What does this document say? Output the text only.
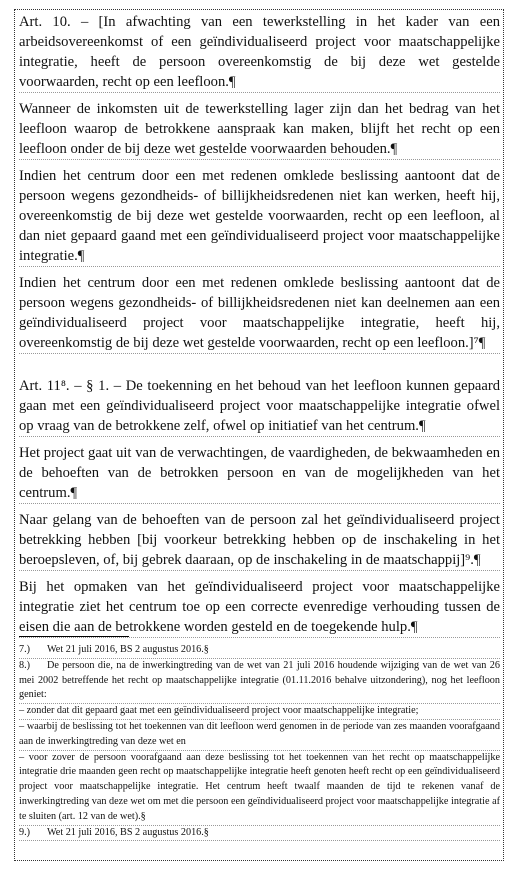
Art. 10. – [In afwachting van een tewerkstelling in het kader van een arbeidsovereenkomst of een geïndividualiseerd project voor maatschappelijke integratie, heeft de persoon overeenkomstig de bij deze wet gestelde voorwaarden, recht op een leefloon.¶

Wanneer de inkomsten uit de tewerkstelling lager zijn dan het bedrag van het leefloon waarop de betrokkene aanspraak kan maken, blijft het recht op een leefloon onder de bij deze wet gestelde voorwaarden behouden.¶

Indien het centrum door een met redenen omklede beslissing aantoont dat de persoon wegens gezondheids- of billijkheidsredenen niet kan werken, heeft hij, overeenkomstig de bij deze wet gestelde voorwaarden, recht op een leefloon, al dan niet gepaard gaand met een geïndividualiseerd project voor maatschappelijke integratie.¶

Indien het centrum door een met redenen omklede beslissing aantoont dat de persoon wegens gezondheids- of billijkheidsredenen niet kan deelnemen aan een geïndividualiseerd project voor maatschappelijke integratie, heeft hij, overeenkomstig de bij deze wet gestelde voorwaarden, recht op een leefloon.]⁷¶

Art. 11⁸. – § 1. – De toekenning en het behoud van het leefloon kunnen gepaard gaan met een geïndividualiseerd project voor maatschappelijke integratie ofwel op vraag van de betrokkene zelf, ofwel op initiatief van het centrum.¶

Het project gaat uit van de verwachtingen, de vaardigheden, de bekwaamheden en de behoeften van de betrokken persoon en van de mogelijkheden van het centrum.¶

Naar gelang van de behoeften van de persoon zal het geïndividualiseerd project betrekking hebben [bij voorkeur betrekking hebben op de inschakeling in het beroepsleven, of, bij gebrek daaraan, op de inschakeling in de maatschappij]⁹.¶

Bij het opmaken van het geïndividualiseerd project voor maatschappelijke integratie ziet het centrum toe op een correcte evenredige verhouding tussen de eisen die aan de betrokkene worden gesteld en de toegekende hulp.¶

7.) Wet 21 juli 2016, BS 2 augustus 2016.§

8.) De persoon die, na de inwerkingtreding van de wet van 21 juli 2016 houdende wijziging van de wet van 26 mei 2002 betreffende het recht op maatschappelijke integratie (01.11.2016 behalve uitzondering), nog het leefloon geniet:

– zonder dat dit gepaard gaat met een geïndividualiseerd project voor maatschappelijke integratie;

– waarbij de beslissing tot het toekennen van dit leefloon werd genomen in de periode van zes maanden voorafgaand aan de inwerkingtreding van deze wet en

– voor zover de persoon voorafgaand aan deze beslissing tot het toekennen van het recht op maatschappelijke integratie drie maanden geen recht op maatschappelijke integratie heeft genoten heeft recht op een geïndividualiseerd project voor maatschappelijke integratie. Het centrum heeft twaalf maanden de tijd te rekenen vanaf de inwerkingtreding van deze wet om met die persoon een geïndividualiseerd project voor maatschappelijke integratie af te sluiten (art. 12 van de wet).§

9.) Wet 21 juli 2016, BS 2 augustus 2016.§
